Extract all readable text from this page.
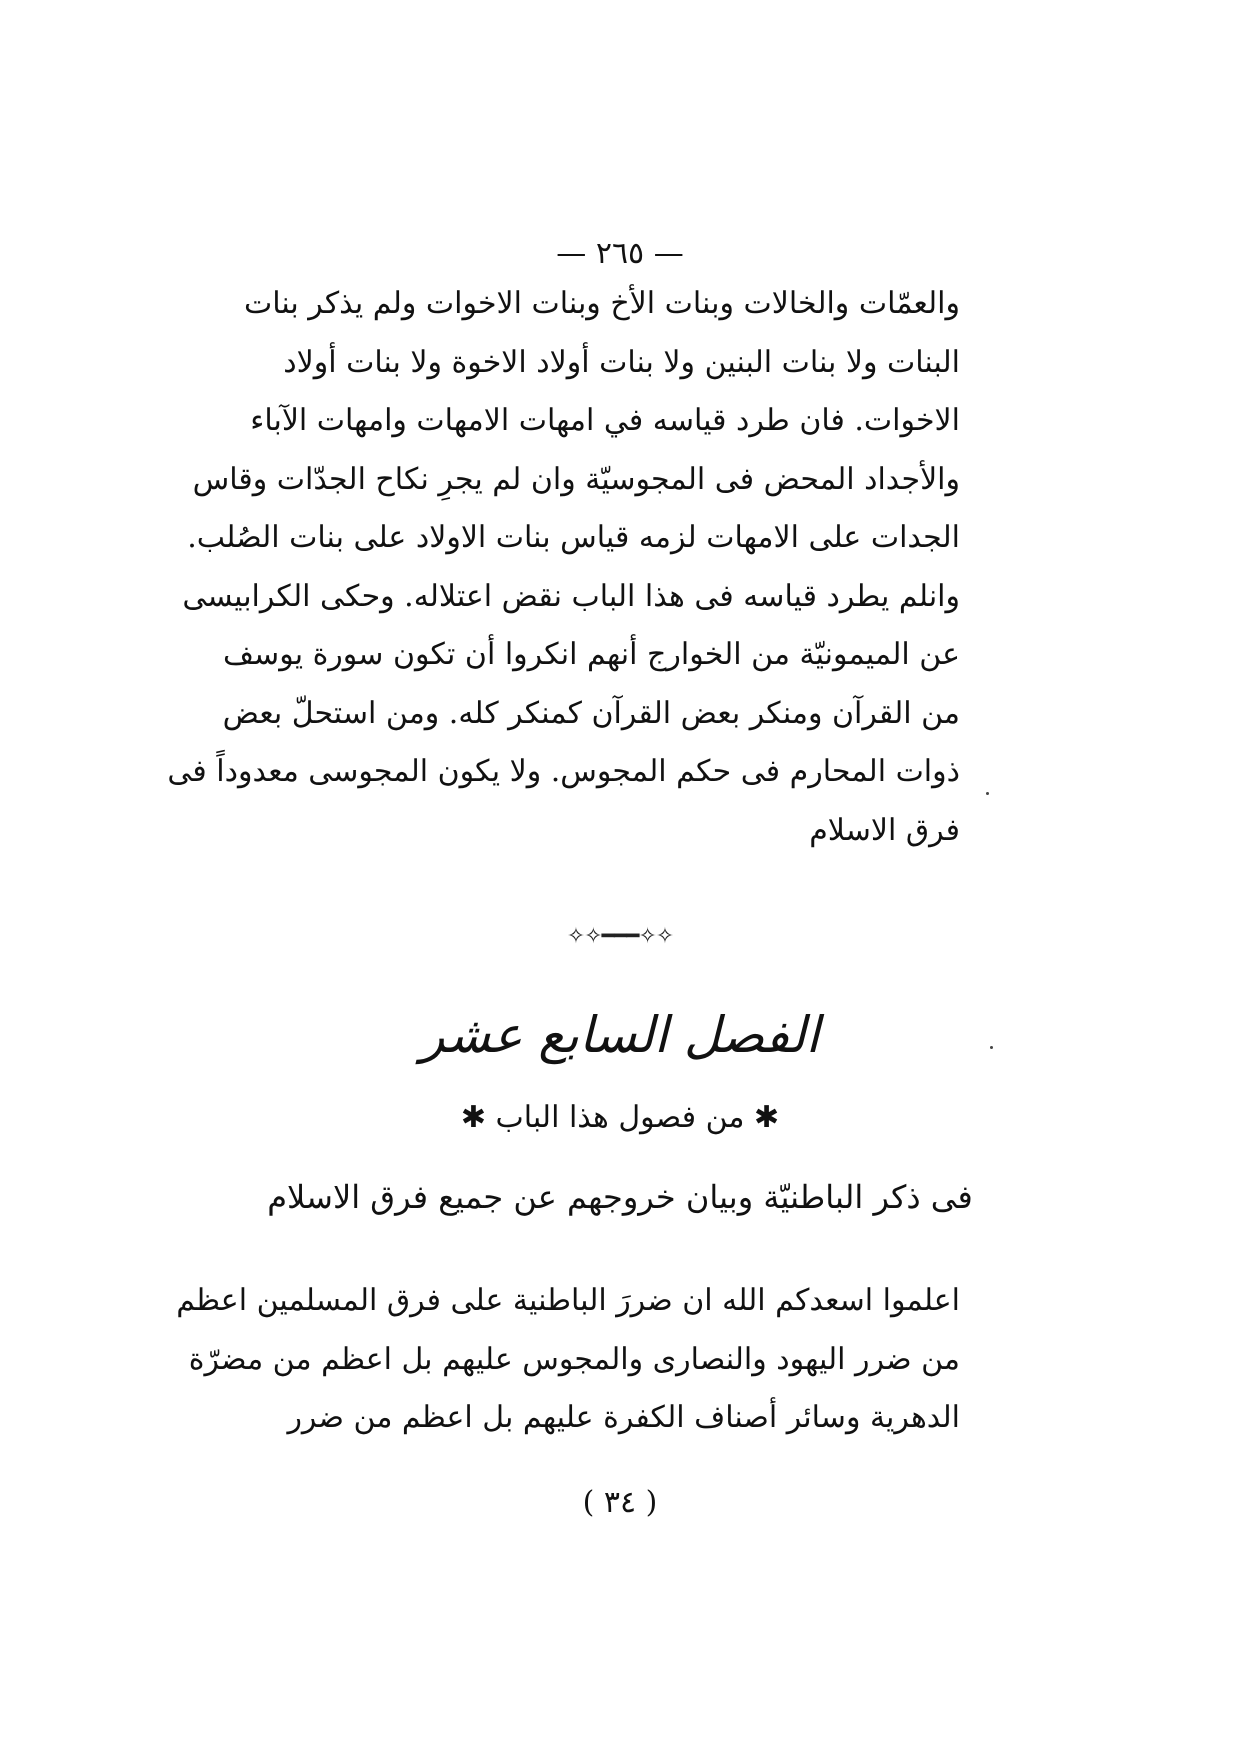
— ٢٦٥ —
والعمّات والخالات وبنات الأخ وبنات الاخوات ولم يذكر بنات
البنات ولا بنات البنين ولا بنات أولاد الاخوة ولا بنات أولاد
الاخوات. فان طرد قياسه في امهات الامهات وامهات الآباء
والأجداد المحض فى المجوسيّة وان لم يجرِ نكاح الجدّات وقاس
الجدات على الامهات لزمه قياس بنات الاولاد على بنات الصُلب.
وانلم يطرد قياسه فى هذا الباب نقض اعتلاله. وحكى الكرابيسى
عن الميمونيّة من الخوارج أنهم انكروا أن تكون سورة يوسف
من القرآن ومنكر بعض القرآن كمنكر كله. ومن استحلّ بعض
ذوات المحارم فى حكم المجوس. ولا يكون المجوسى معدوداً فى
فرق الاسلام
✧✧━━━✧✧
الفصل السابع عشر
✱ من فصول هذا الباب ✱
فى ذكر الباطنيّة وبيان خروجهم عن جميع فرق الاسلام
اعلموا اسعدكم الله ان ضررَ الباطنية على فرق المسلمين اعظم
من ضرر اليهود والنصارى والمجوس عليهم بل اعظم من مضرّة
الدهرية وسائر أصناف الكفرة عليهم بل اعظم من ضرر
( ٣٤ )
